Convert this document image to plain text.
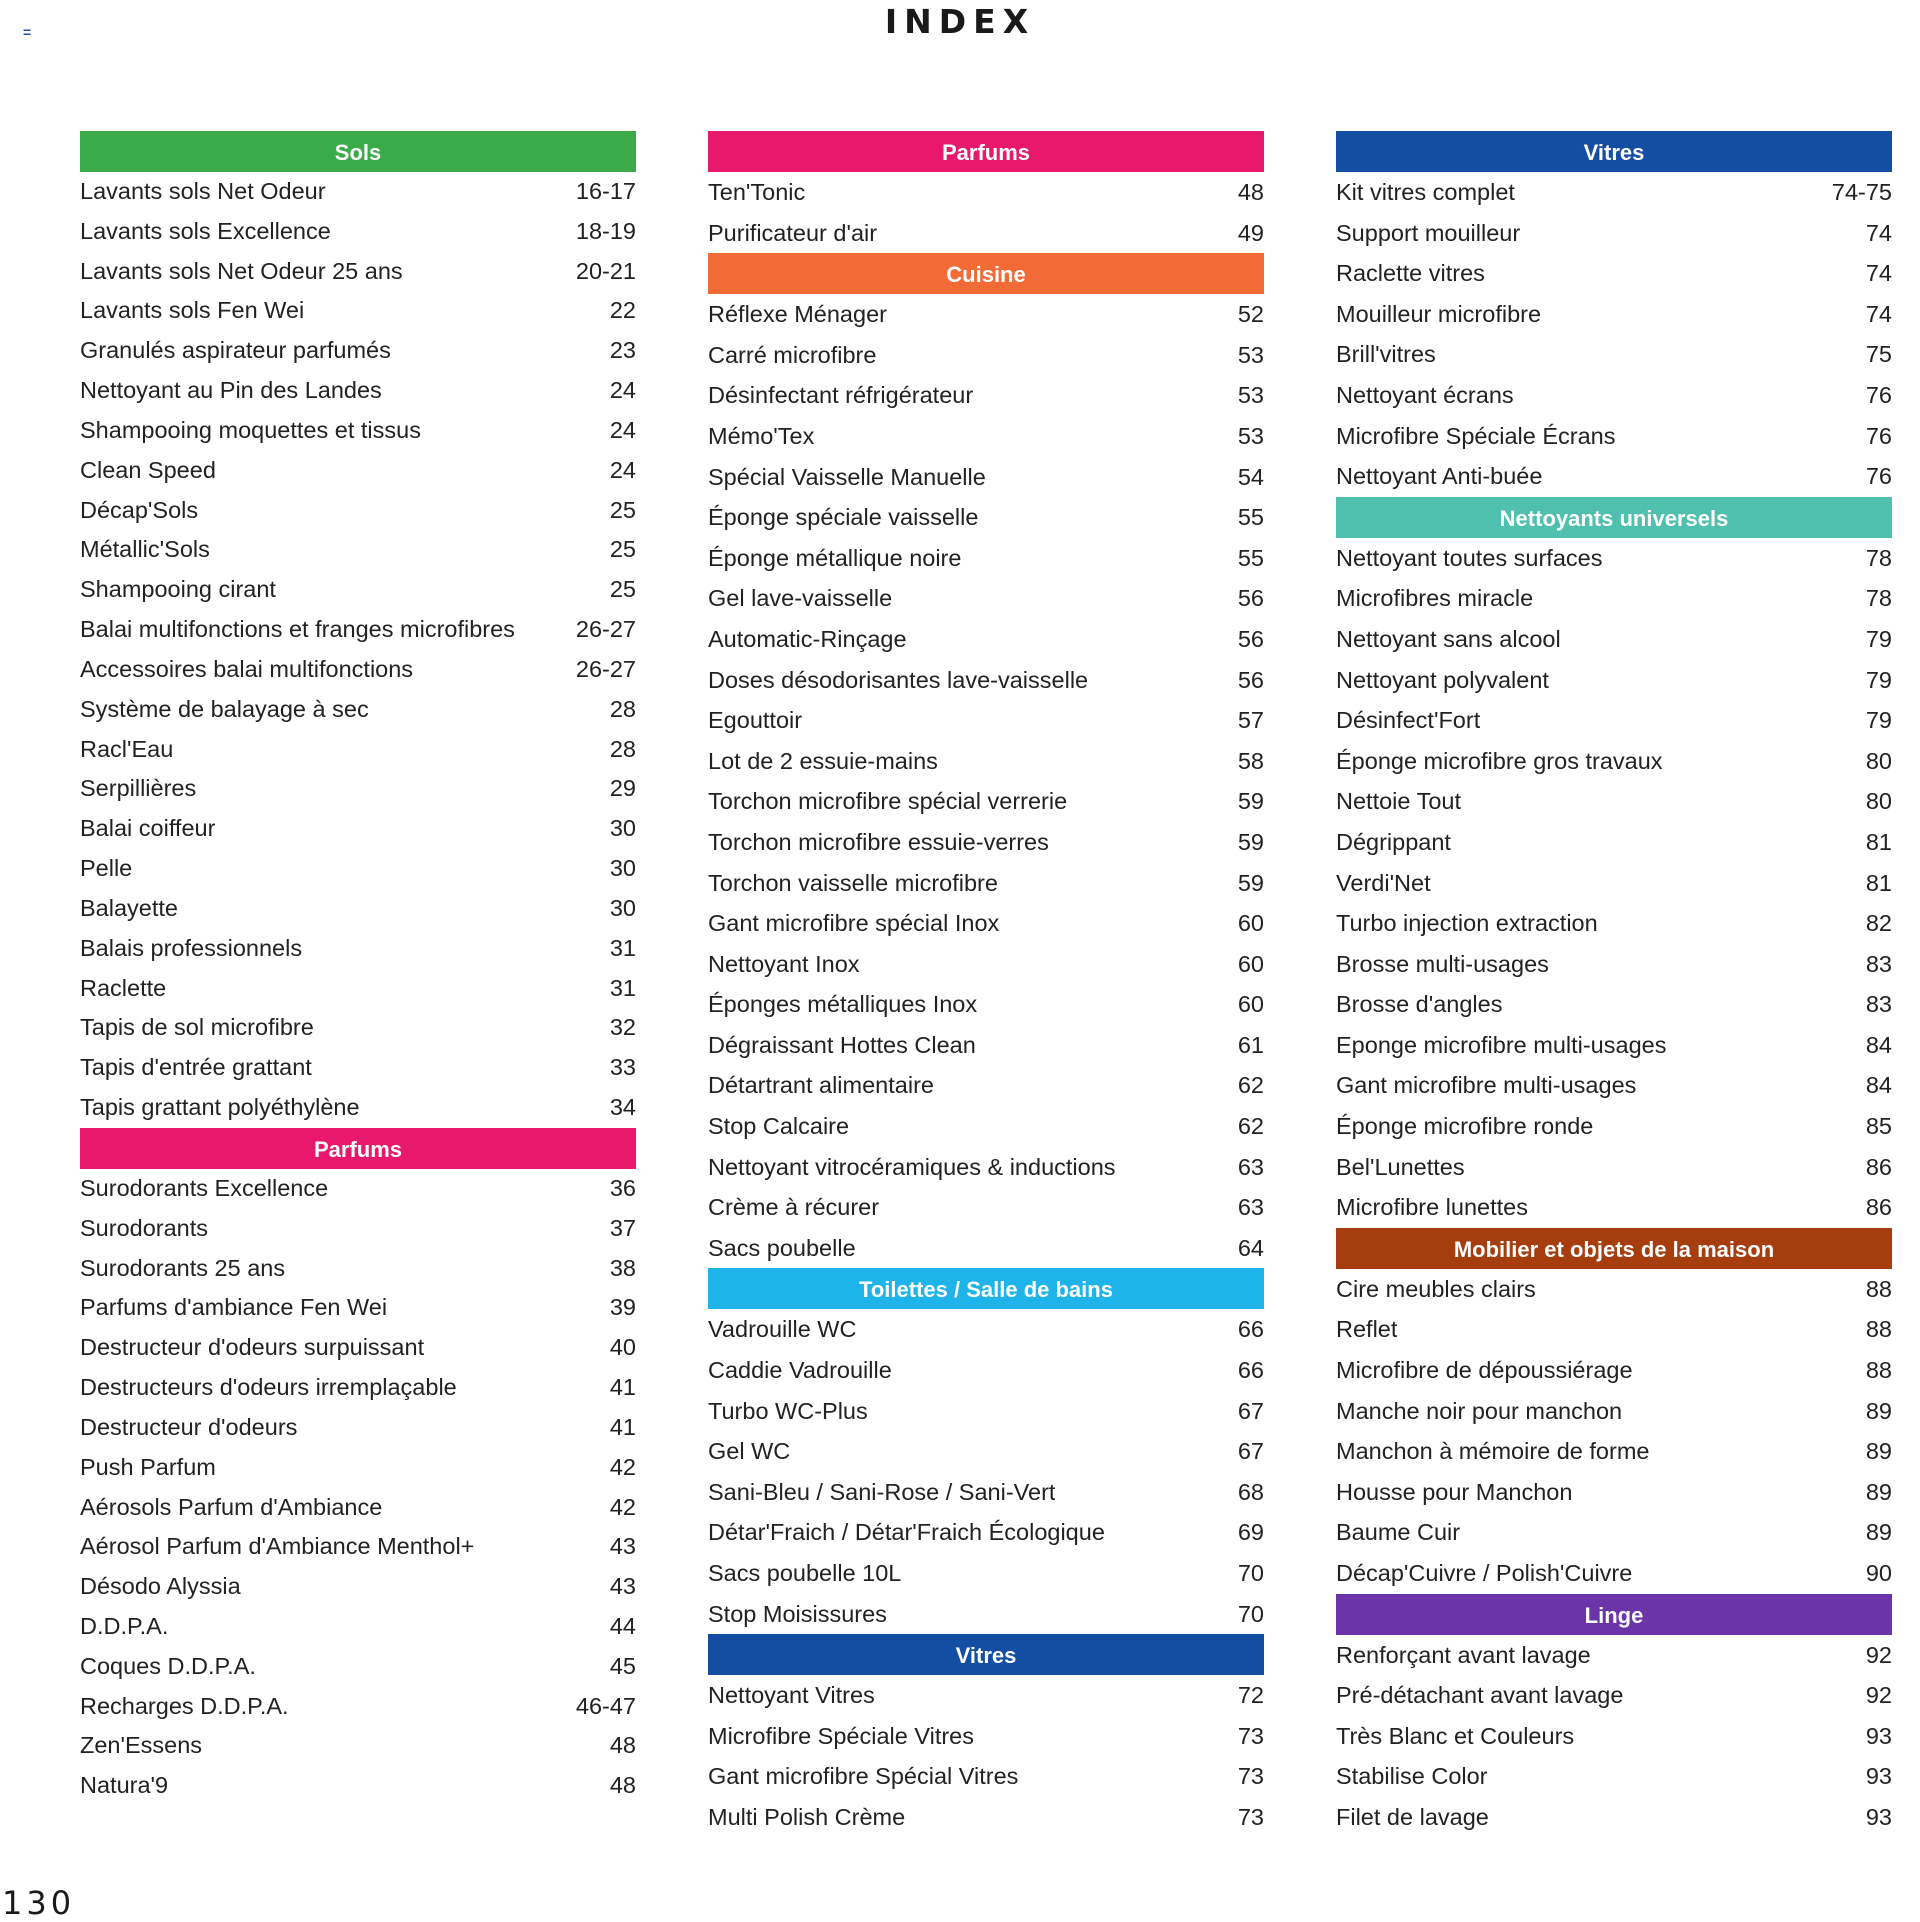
=	INDEX
Sols
Lavants sols Net Odeur	16-17
Lavants sols Excellence	18-19
Lavants sols Net Odeur 25 ans	20-21
Lavants sols Fen Wei	22
Granulés aspirateur parfumés	23
Nettoyant au Pin des Landes	24
Shampooing moquettes et tissus	24
Clean Speed	24
Décap'Sols	25
Métallic'Sols	25
Shampooing cirant	25
Balai multifonctions et franges microfibres	26-27
Accessoires balai multifonctions	26-27
Système de balayage à sec	28
Racl'Eau	28
Serpillières	29
Balai coiffeur	30
Pelle	30
Balayette	30
Balais professionnels	31
Raclette	31
Tapis de sol microfibre	32
Tapis d'entrée grattant	33
Tapis grattant polyéthylène	34
Parfums
Surodorants Excellence	36
Surodorants	37
Surodorants 25 ans	38
Parfums d'ambiance Fen Wei	39
Destructeur d'odeurs surpuissant	40
Destructeurs d'odeurs irremplaçable	41
Destructeur d'odeurs	41
Push Parfum	42
Aérosols Parfum d'Ambiance	42
Aérosol Parfum d'Ambiance Menthol+	43
Désodo Alyssia	43
D.D.P.A.	44
Coques D.D.P.A.	45
Recharges D.D.P.A.	46-47
Zen'Essens	48
Natura'9	48
Parfums
Ten'Tonic	48
Purificateur d'air	49
Cuisine
Réflexe Ménager	52
Carré microfibre	53
Désinfectant réfrigérateur	53
Mémo'Tex	53
Spécial Vaisselle Manuelle	54
Éponge spéciale vaisselle	55
Éponge métallique noire	55
Gel lave-vaisselle	56
Automatic-Rinçage	56
Doses désodorisantes lave-vaisselle	56
Egouttoir	57
Lot de 2 essuie-mains	58
Torchon microfibre spécial verrerie	59
Torchon microfibre essuie-verres	59
Torchon vaisselle microfibre	59
Gant microfibre spécial Inox	60
Nettoyant Inox	60
Éponges métalliques Inox	60
Dégraissant Hottes Clean	61
Détartrant alimentaire	62
Stop Calcaire	62
Nettoyant vitrocéramiques & inductions	63
Crème à récurer	63
Sacs poubelle	64
Toilettes / Salle de bains
Vadrouille WC	66
Caddie Vadrouille	66
Turbo WC-Plus	67
Gel WC	67
Sani-Bleu / Sani-Rose / Sani-Vert	68
Détar'Fraich / Détar'Fraich Écologique	69
Sacs poubelle 10L	70
Stop Moisissures	70
Vitres
Nettoyant Vitres	72
Microfibre Spéciale Vitres	73
Gant microfibre Spécial Vitres	73
Multi Polish Crème	73
Vitres
Kit vitres complet	74-75
Support mouilleur	74
Raclette vitres	74
Mouilleur microfibre	74
Brill'vitres	75
Nettoyant écrans	76
Microfibre Spéciale Écrans	76
Nettoyant Anti-buée	76
Nettoyants universels
Nettoyant toutes surfaces	78
Microfibres miracle	78
Nettoyant sans alcool	79
Nettoyant polyvalent	79
Désinfect'Fort	79
Éponge microfibre gros travaux	80
Nettoie Tout	80
Dégrippant	81
Verdi'Net	81
Turbo injection extraction	82
Brosse multi-usages	83
Brosse d'angles	83
Eponge microfibre multi-usages	84
Gant microfibre multi-usages	84
Éponge microfibre ronde	85
Bel'Lunettes	86
Microfibre lunettes	86
Mobilier et objets de la maison
Cire meubles clairs	88
Reflet	88
Microfibre de dépoussiérage	88
Manche noir pour manchon	89
Manchon à mémoire de forme	89
Housse pour Manchon	89
Baume Cuir	89
Décap'Cuivre / Polish'Cuivre	90
Linge
Renforçant avant lavage	92
Pré-détachant avant lavage	92
Très Blanc et Couleurs	93
Stabilise Color	93
Filet de lavage	93
130
